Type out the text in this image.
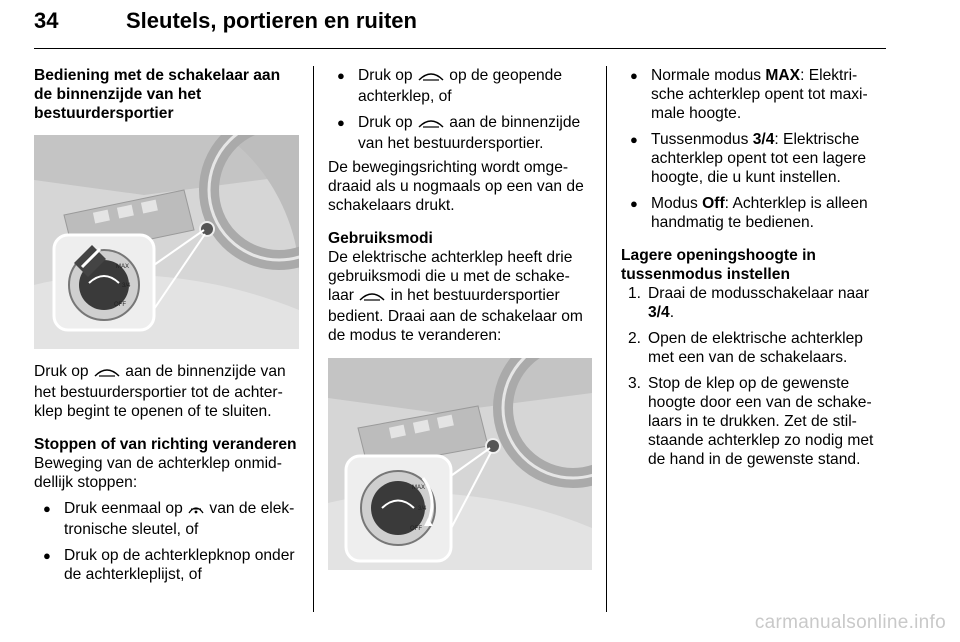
34	Sleutels, portieren en ruiten

Bediening met de schakelaar aan de binnenzijde van het bestuurdersportier

MAX
3/4
OFF

Druk op  aan de binnenzijde van het bestuurdersportier tot de achter-klep begint te openen of te sluiten.

Stoppen of van richting veranderen

Beweging van de achterklep onmid-dellijk stoppen:

● Druk eenmaal op  van de elek-tronische sleutel, of

● Druk op de achterklepknop onder de achterkleplijst, of

● Druk op  op de geopende achterklep, of

● Druk op  aan de binnenzijde van het bestuurdersportier.

De bewegingsrichting wordt omge-draaid als u nogmaals op een van de schakelaars drukt.

Gebruiksmodi

De elektrische achterklep heeft drie gebruiksmodi die u met de schake-laar  in het bestuurdersportier bedient. Draai aan de schakelaar om de modus te veranderen:

MAX
3/4
OFF

● Normale modus MAX: Elektri-sche achterklep opent tot maxi-male hoogte.

● Tussenmodus 3/4: Elektrische achterklep opent tot een lagere hoogte, die u kunt instellen.

● Modus Off: Achterklep is alleen handmatig te bedienen.

Lagere openingshoogte in tussenmodus instellen

1. Draai de modusschakelaar naar 3/4.

2. Open de elektrische achterklep met een van de schakelaars.

3. Stop de klep op de gewenste hoogte door een van de schake-laars in te drukken. Zet de stil-staande achterklep zo nodig met de hand in de gewenste stand.

carmanualsonline.info
